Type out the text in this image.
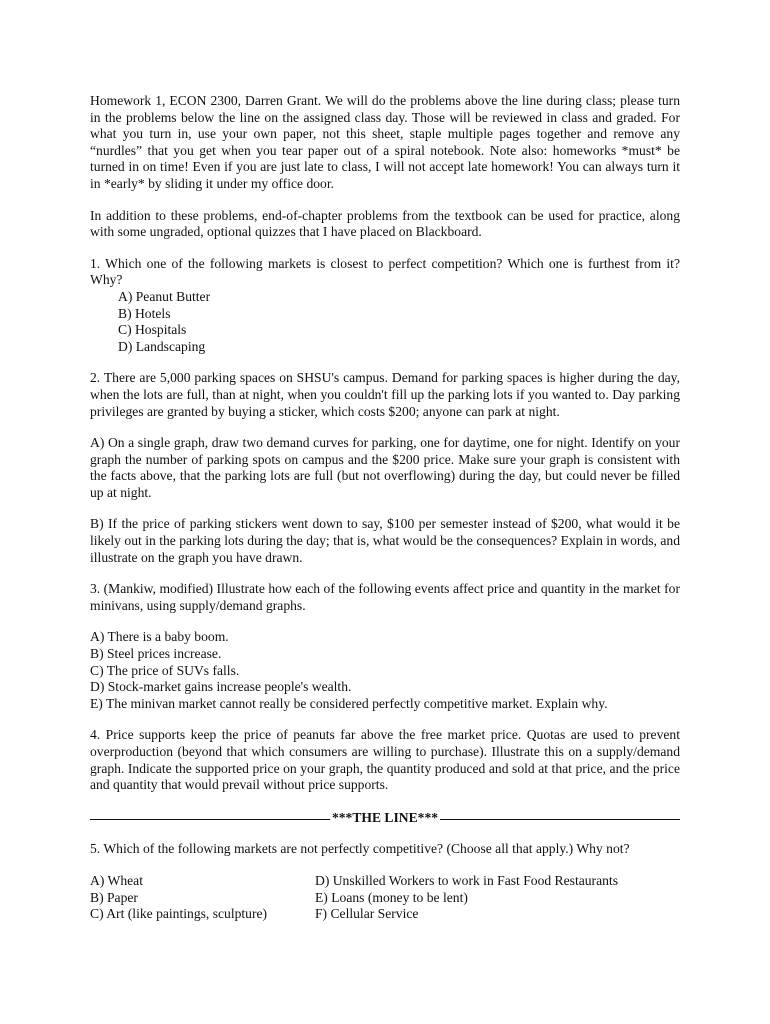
Homework 1, ECON 2300, Darren Grant. We will do the problems above the line during class; please turn in the problems below the line on the assigned class day. Those will be reviewed in class and graded. For what you turn in, use your own paper, not this sheet, staple multiple pages together and remove any “nurdles” that you get when you tear paper out of a spiral notebook. Note also: homeworks *must* be turned in on time! Even if you are just late to class, I will not accept late homework! You can always turn it in *early* by sliding it under my office door.

In addition to these problems, end-of-chapter problems from the textbook can be used for practice, along with some ungraded, optional quizzes that I have placed on Blackboard.

1. Which one of the following markets is closest to perfect competition? Which one is furthest from it? Why?

A) Peanut Butter
B) Hotels
C) Hospitals
D) Landscaping

2. There are 5,000 parking spaces on SHSU's campus. Demand for parking spaces is higher during the day, when the lots are full, than at night, when you couldn't fill up the parking lots if you wanted to. Day parking privileges are granted by buying a sticker, which costs $200; anyone can park at night.

A) On a single graph, draw two demand curves for parking, one for daytime, one for night. Identify on your graph the number of parking spots on campus and the $200 price. Make sure your graph is consistent with the facts above, that the parking lots are full (but not overflowing) during the day, but could never be filled up at night.

B) If the price of parking stickers went down to say, $100 per semester instead of $200, what would it be likely out in the parking lots during the day; that is, what would be the consequences? Explain in words, and illustrate on the graph you have drawn.

3. (Mankiw, modified) Illustrate how each of the following events affect price and quantity in the market for minivans, using supply/demand graphs.

A) There is a baby boom.
B) Steel prices increase.
C) The price of SUVs falls.
D) Stock-market gains increase people's wealth.
E) The minivan market cannot really be considered perfectly competitive market. Explain why.

4. Price supports keep the price of peanuts far above the free market price. Quotas are used to prevent overproduction (beyond that which consumers are willing to purchase). Illustrate this on a supply/demand graph. Indicate the supported price on your graph, the quantity produced and sold at that price, and the price and quantity that would prevail without price supports.

***THE LINE***

5. Which of the following markets are not perfectly competitive? (Choose all that apply.) Why not?

A) Wheat
B) Paper
C) Art (like paintings, sculpture)
D) Unskilled Workers to work in Fast Food Restaurants
E) Loans (money to be lent)
F) Cellular Service
